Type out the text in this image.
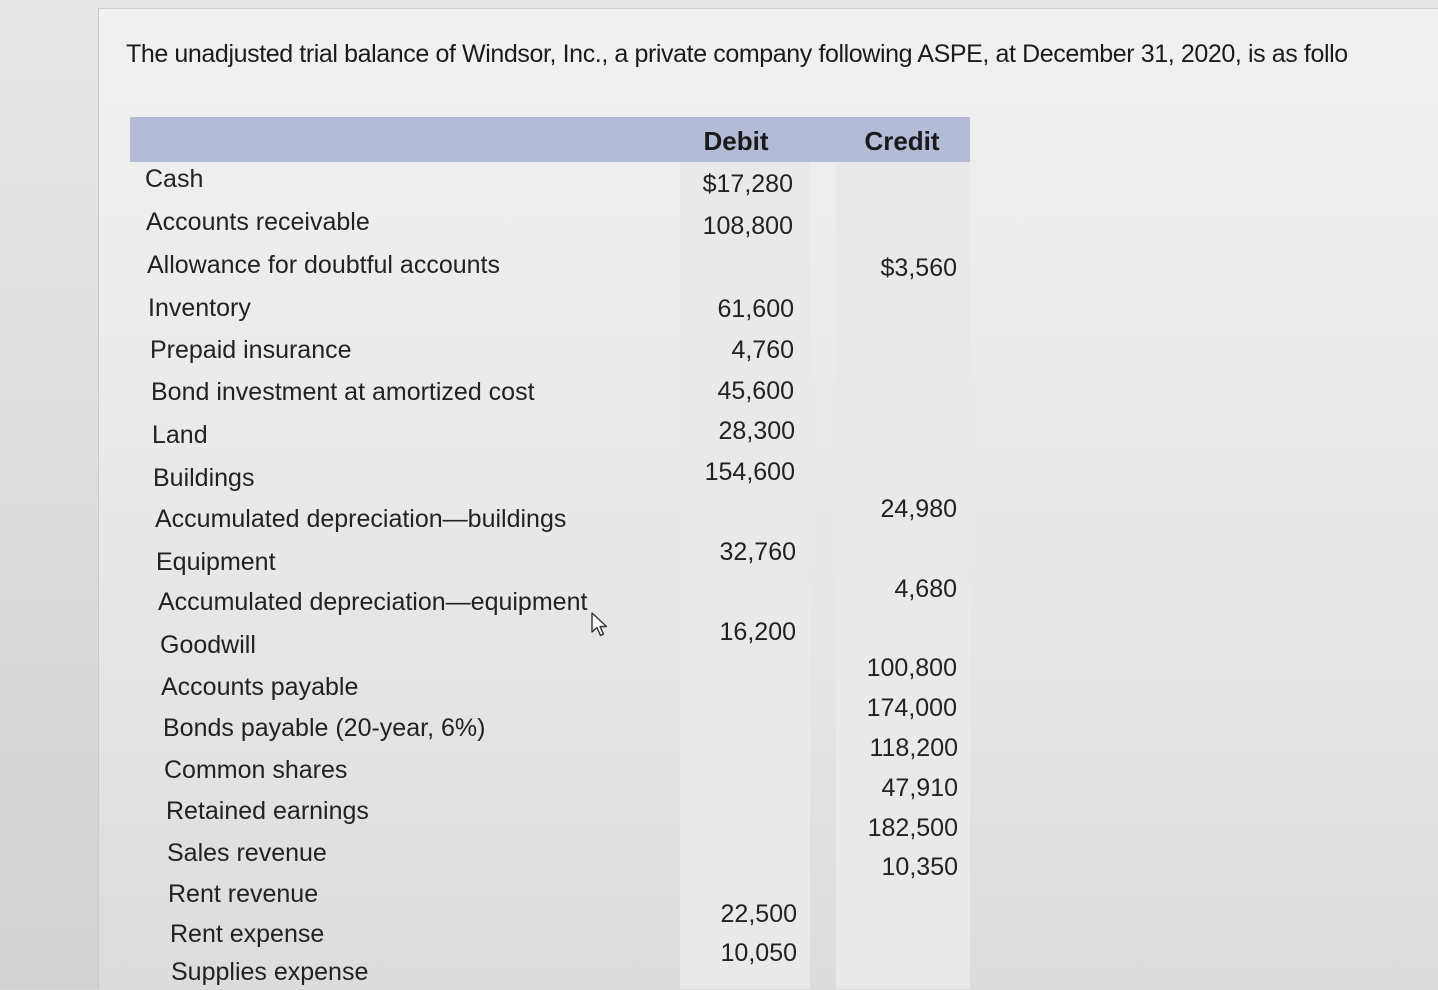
The unadjusted trial balance of Windsor, Inc., a private company following ASPE, at December 31, 2020, is as follo
Debit	Credit
Cash
Accounts receivable
Allowance for doubtful accounts
Inventory
Prepaid insurance
Bond investment at amortized cost
Land
Buildings
Accumulated depreciation—buildings
Equipment
Accumulated depreciation—equipment
Goodwill
Accounts payable
Bonds payable (20-year, 6%)
Common shares
Retained earnings
Sales revenue
Rent revenue
Rent expense
Supplies expense
$17,280
108,800
61,600
4,760
45,600
28,300
154,600
32,760
16,200
22,500
10,050
$3,560
24,980
4,680
100,800
174,000
118,200
47,910
182,500
10,350
